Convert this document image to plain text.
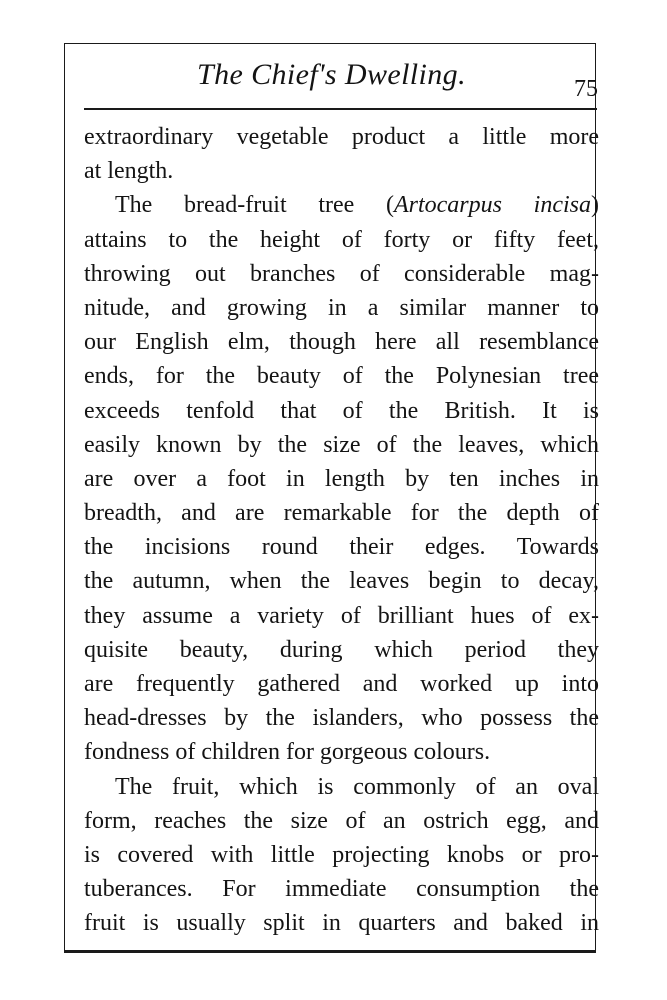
The Chief's Dwelling.	75
extraordinary vegetable product a little more
at length.
The bread-fruit tree (Artocarpus incisa)
attains to the height of forty or fifty feet,
throwing out branches of considerable mag-
nitude, and growing in a similar manner to
our English elm, though here all resemblance
ends, for the beauty of the Polynesian tree
exceeds tenfold that of the British. It is
easily known by the size of the leaves, which
are over a foot in length by ten inches in
breadth, and are remarkable for the depth of
the incisions round their edges. Towards
the autumn, when the leaves begin to decay,
they assume a variety of brilliant hues of ex-
quisite beauty, during which period they
are frequently gathered and worked up into
head-dresses by the islanders, who possess the
fondness of children for gorgeous colours.
The fruit, which is commonly of an oval
form, reaches the size of an ostrich egg, and
is covered with little projecting knobs or pro-
tuberances. For immediate consumption the
fruit is usually split in quarters and baked in
